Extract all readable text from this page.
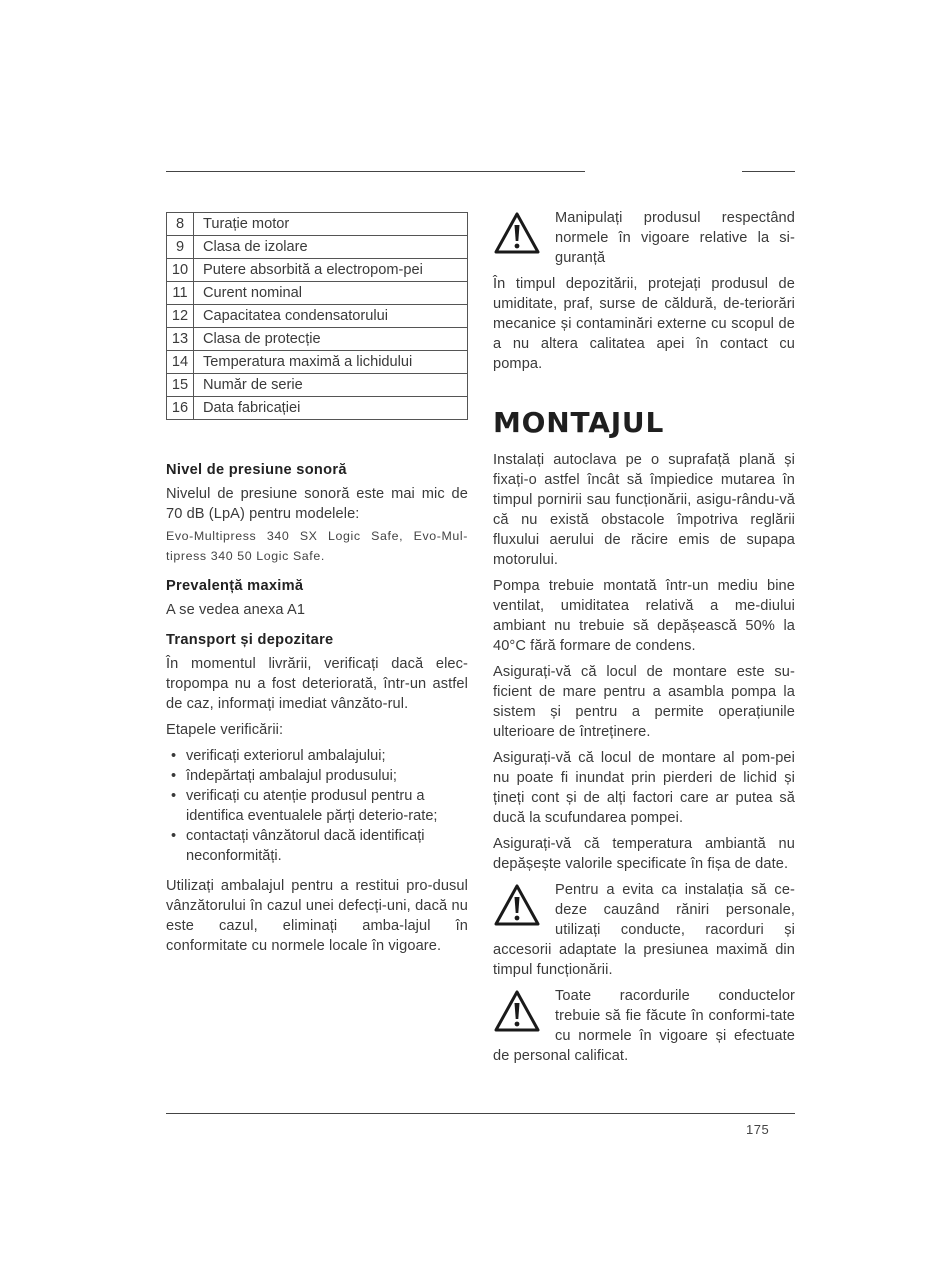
8	Turație motor
9	Clasa de izolare
10	Putere absorbită a electropom-pei
11	Curent nominal
12	Capacitatea condensatorului
13	Clasa de protecție
14	Temperatura maximă a lichidului
15	Număr de serie
16	Data fabricației
Nivel de presiune sonoră

Nivelul de presiune sonoră este mai mic de 70 dB (LpA) pentru modelele:

Evo-Multipress 340 SX Logic Safe, Evo-Mul-tipress 340 50 Logic Safe.

Prevalență maximă

A se vedea anexa A1

Transport și depozitare

În momentul livrării, verificați dacă elec-tropompa nu a fost deteriorată, într-un astfel de caz, informați imediat vânzăto-rul.

Etapele verificării:

• verificați exteriorul ambalajului;
• îndepărtați ambalajul produsului;
• verificați cu atenție produsul pentru a identifica eventualele părți deterio-rate;
• contactați vânzătorul dacă identificați neconformități.

Utilizați ambalajul pentru a restitui pro-dusul vânzătorului în cazul unei defecți-uni, dacă nu este cazul, eliminați amba-lajul în conformitate cu normele locale în vigoare.

Manipulați produsul respectând normele în vigoare relative la si-guranță

În timpul depozitării, protejați produsul de umiditate, praf, surse de căldură, de-teriorări mecanice și contaminări externe cu scopul de a nu altera calitatea apei în contact cu pompa.

MONTAJUL

Instalați autoclava pe o suprafață plană și fixați-o astfel încât să împiedice mutarea în timpul pornirii sau funcționării, asigu-rându-vă că nu există obstacole împotriva reglării fluxului aerului de răcire emis de supapa motorului.

Pompa trebuie montată într-un mediu bine ventilat, umiditatea relativă a me-diului ambiant nu trebuie să depășească 50% la 40°C fără formare de condens.

Asigurați-vă că locul de montare este su-ficient de mare pentru a asambla pompa la sistem și pentru a permite operațiunile ulterioare de întreținere.

Asigurați-vă că locul de montare al pom-pei nu poate fi inundat prin pierderi de lichid și țineți cont și de alți factori care ar putea să ducă la scufundarea pompei.

Asigurați-vă că temperatura ambiantă nu depășește valorile specificate în fișa de date.

Pentru a evita ca instalația să ce-deze cauzând răniri personale, utilizați conducte, racorduri și accesorii adaptate la presiunea maximă din timpul funcționării.

Toate racordurile conductelor trebuie să fie făcute în conformi-tate cu normele în vigoare și efectuate de personal calificat.

175
